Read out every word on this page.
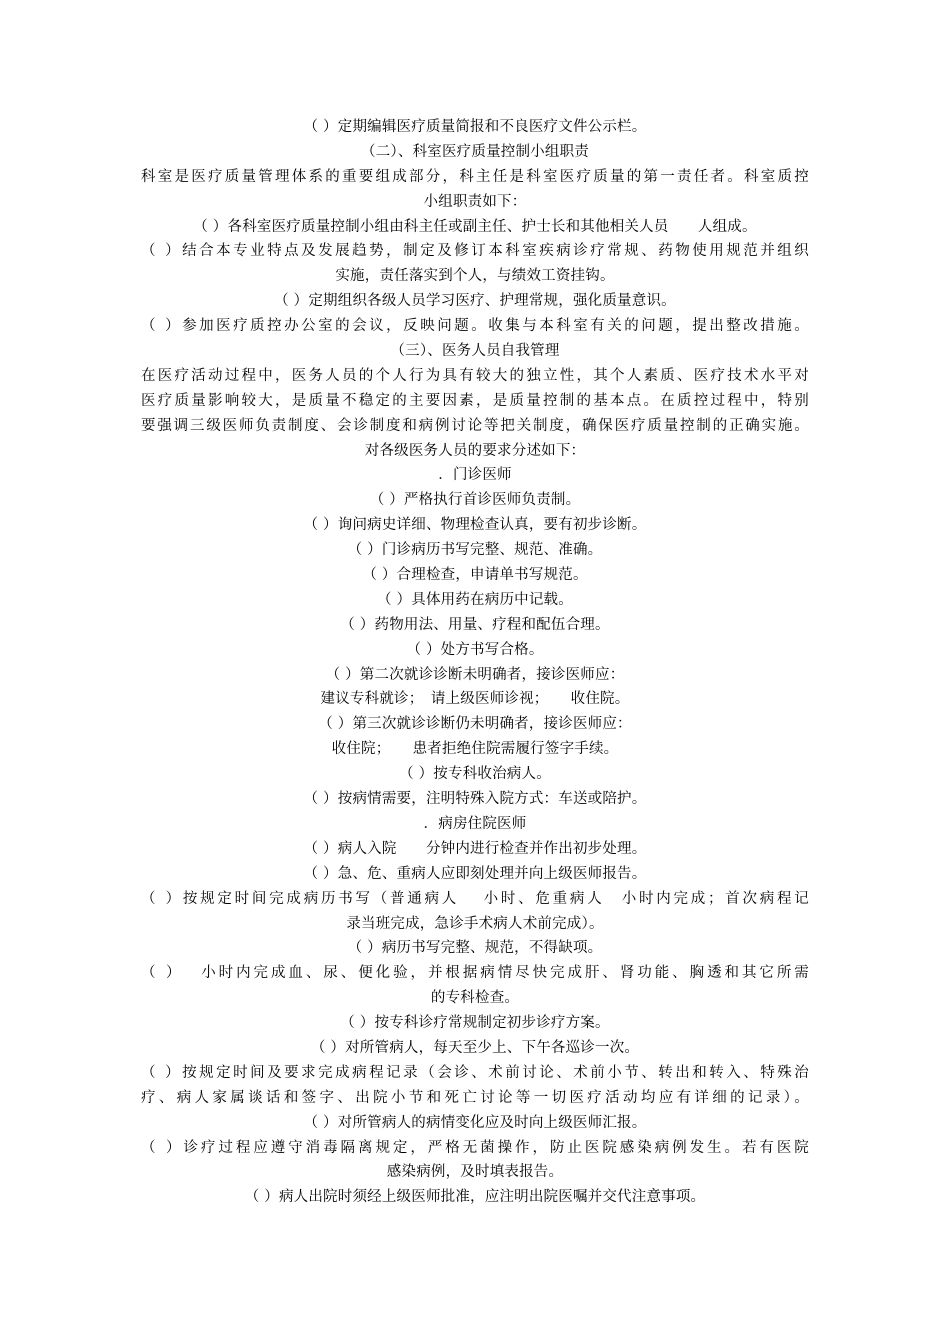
（ ）定期编辑医疗质量简报和不良医疗文件公示栏。
（二）、科室医疗质量控制小组职责
科室是医疗质量管理体系的重要组成部分，科主任是科室医疗质量的第一责任者。科室质控
小组职责如下：
（ ）各科室医疗质量控制小组由科主任或副主任、护士长和其他相关人员　　人组成。
（ ）结合本专业特点及发展趋势，制定及修订本科室疾病诊疗常规、药物使用规范并组织
实施，责任落实到个人，与绩效工资挂钩。
（ ）定期组织各级人员学习医疗、护理常规，强化质量意识。
（ ）参加医疗质控办公室的会议，反映问题。收集与本科室有关的问题，提出整改措施。
（三）、医务人员自我管理
在医疗活动过程中，医务人员的个人行为具有较大的独立性，其个人素质、医疗技术水平对
医疗质量影响较大，是质量不稳定的主要因素，是质量控制的基本点。在质控过程中，特别
要强调三级医师负责制度、会诊制度和病例讨论等把关制度，确保医疗质量控制的正确实施。
对各级医务人员的要求分述如下：
．门诊医师
（ ）严格执行首诊医师负责制。
（ ）询问病史详细、物理检查认真，要有初步诊断。
（ ）门诊病历书写完整、规范、准确。
（ ）合理检查，申请单书写规范。
（ ）具体用药在病历中记载。
（ ）药物用法、用量、疗程和配伍合理。
（ ）处方书写合格。
（ ）第二次就诊诊断未明确者，接诊医师应：
建议专科就诊；　请上级医师诊视；　　收住院。
（ ）第三次就诊诊断仍未明确者，接诊医师应：
收住院；　　患者拒绝住院需履行签字手续。
（ ）按专科收治病人。
（ ）按病情需要，注明特殊入院方式：车送或陪护。
．病房住院医师
（ ）病人入院　　分钟内进行检查并作出初步处理。
（ ）急、危、重病人应即刻处理并向上级医师报告。
（ ）按规定时间完成病历书写（普通病人　 小时、危重病人　小时内完成；首次病程记
录当班完成，急诊手术病人术前完成）。
（ ）病历书写完整、规范，不得缺项。
（ ）　 小时内完成血、尿、便化验，并根据病情尽快完成肝、肾功能、胸透和其它所需
的专科检查。
（ ）按专科诊疗常规制定初步诊疗方案。
（ ）对所管病人，每天至少上、下午各巡诊一次。
（ ）按规定时间及要求完成病程记录（会诊、术前讨论、术前小节、转出和转入、特殊治
疗、病人家属谈话和签字、出院小节和死亡讨论等一切医疗活动均应有详细的记录）。
（ ）对所管病人的病情变化应及时向上级医师汇报。
（ ）诊疗过程应遵守消毒隔离规定，严格无菌操作，防止医院感染病例发生。若有医院
感染病例，及时填表报告。
（ ）病人出院时须经上级医师批准，应注明出院医嘱并交代注意事项。
